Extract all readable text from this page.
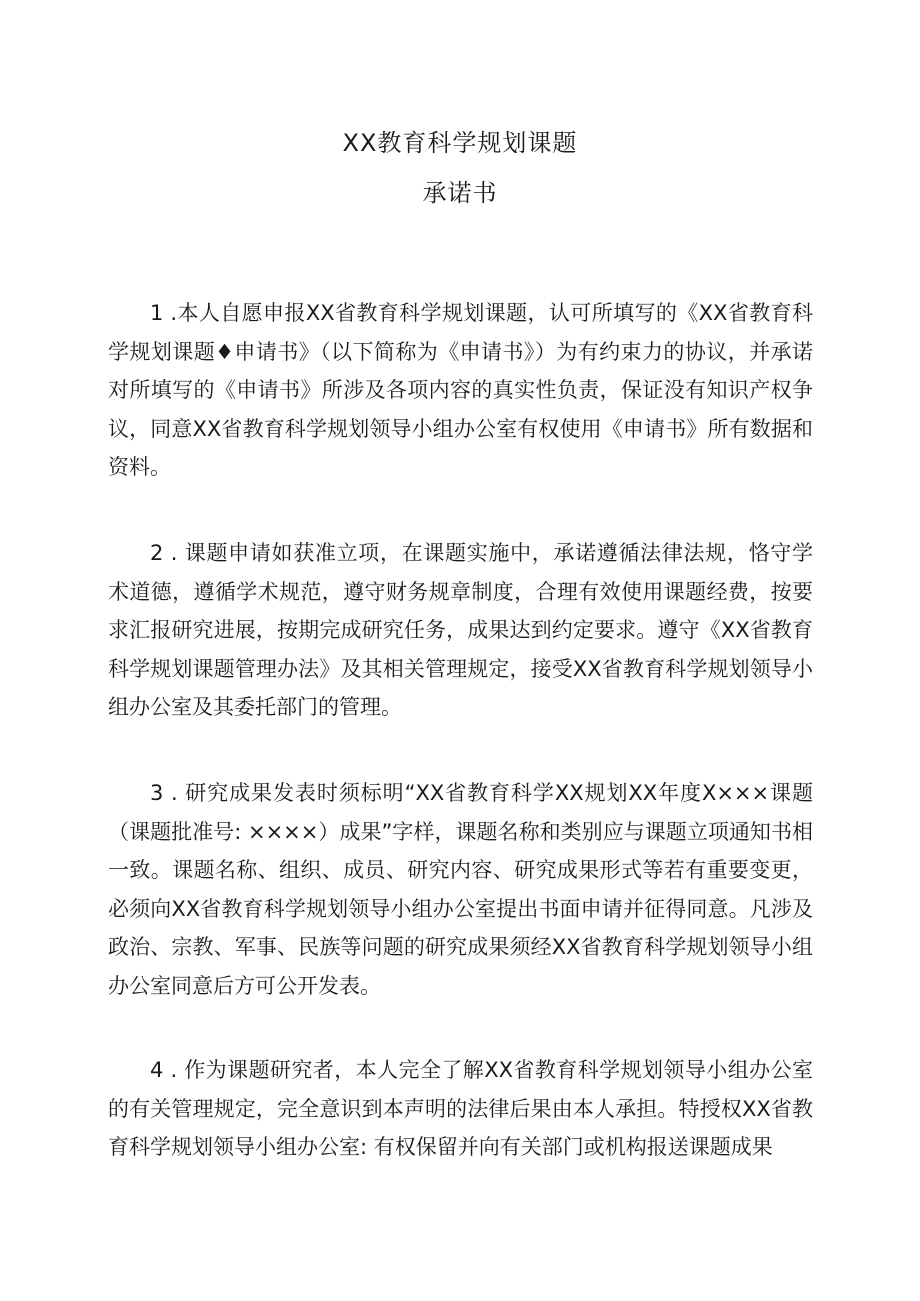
XX教育科学规划课题
承诺书

1 .本人自愿申报XX省教育科学规划课题，认可所填写的《XX省教育科学规划课题♦申请书》（以下简称为《申请书》）为有约束力的协议，并承诺对所填写的《申请书》所涉及各项内容的真实性负责，保证没有知识产权争议，同意XX省教育科学规划领导小组办公室有权使用《申请书》所有数据和资料。

2 . 课题申请如获准立项，在课题实施中，承诺遵循法律法规，恪守学术道德，遵循学术规范，遵守财务规章制度，合理有效使用课题经费，按要求汇报研究进展，按期完成研究任务，成果达到约定要求。遵守《XX省教育科学规划课题管理办法》及其相关管理规定，接受XX省教育科学规划领导小组办公室及其委托部门的管理。

3 . 研究成果发表时须标明“XX省教育科学XX规划XX年度X×××课题（课题批准号: ××××）成果”字样，课题名称和类别应与课题立项通知书相一致。课题名称、组织、成员、研究内容、研究成果形式等若有重要变更，必须向XX省教育科学规划领导小组办公室提出书面申请并征得同意。凡涉及政治、宗教、军事、民族等问题的研究成果须经XX省教育科学规划领导小组办公室同意后方可公开发表。

4 . 作为课题研究者，本人完全了解XX省教育科学规划领导小组办公室的有关管理规定，完全意识到本声明的法律后果由本人承担。特授权XX省教育科学规划领导小组办公室: 有权保留并向有关部门或机构报送课题成果
